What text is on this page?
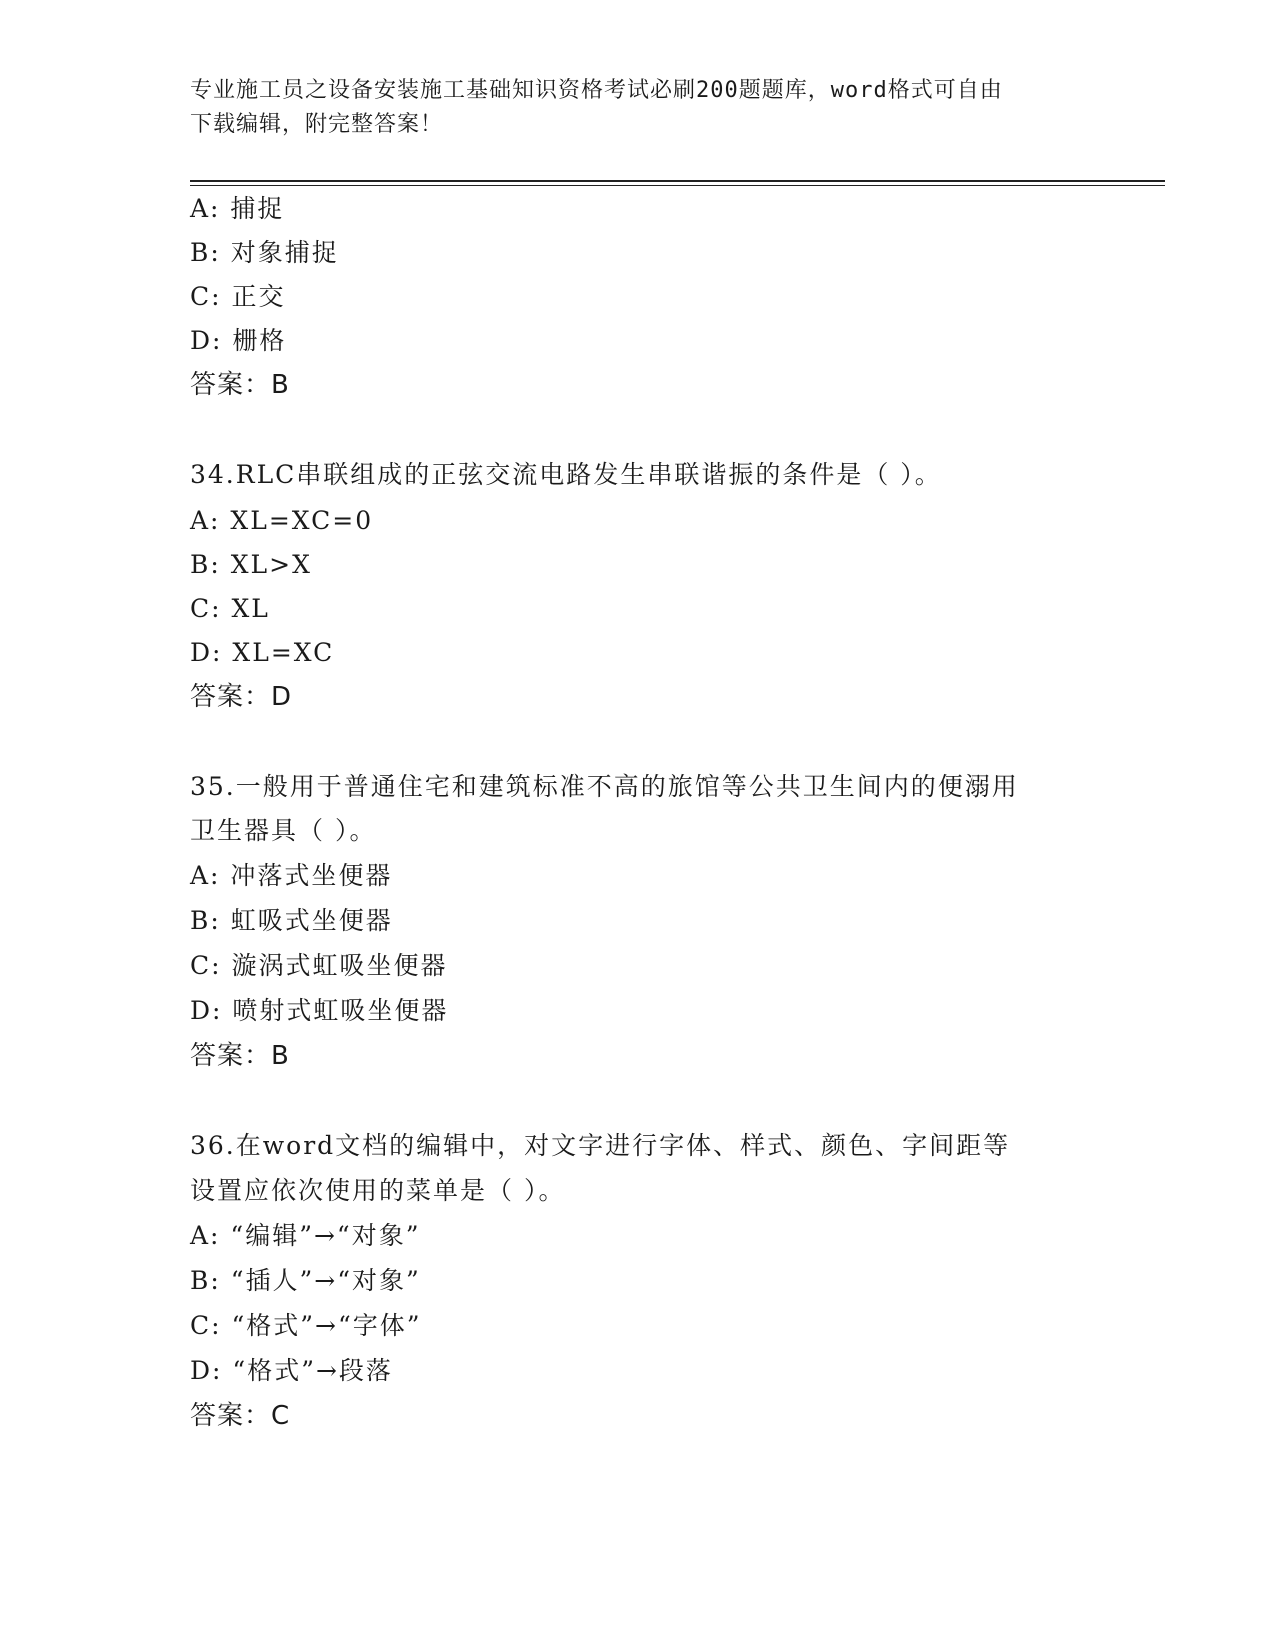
专业施工员之设备安装施工基础知识资格考试必刷200题题库，word格式可自由
下载编辑，附完整答案！
A: 捕捉
B: 对象捕捉
C: 正交
D: 栅格
答案：B
34.RLC串联组成的正弦交流电路发生串联谐振的条件是（ ）。
A: XL=XC=0
B: XL>X
C: XL
D: XL=XC
答案：D
35.一般用于普通住宅和建筑标准不高的旅馆等公共卫生间内的便溺用
卫生器具（ ）。
A: 冲落式坐便器
B: 虹吸式坐便器
C: 漩涡式虹吸坐便器
D: 喷射式虹吸坐便器
答案：B
36.在word文档的编辑中，对文字进行字体、样式、颜色、字间距等
设置应依次使用的菜单是（ ）。
A: “编辑”→“对象”
B: “插人”→“对象”
C: “格式”→“字体”
D: “格式”→段落
答案：C
